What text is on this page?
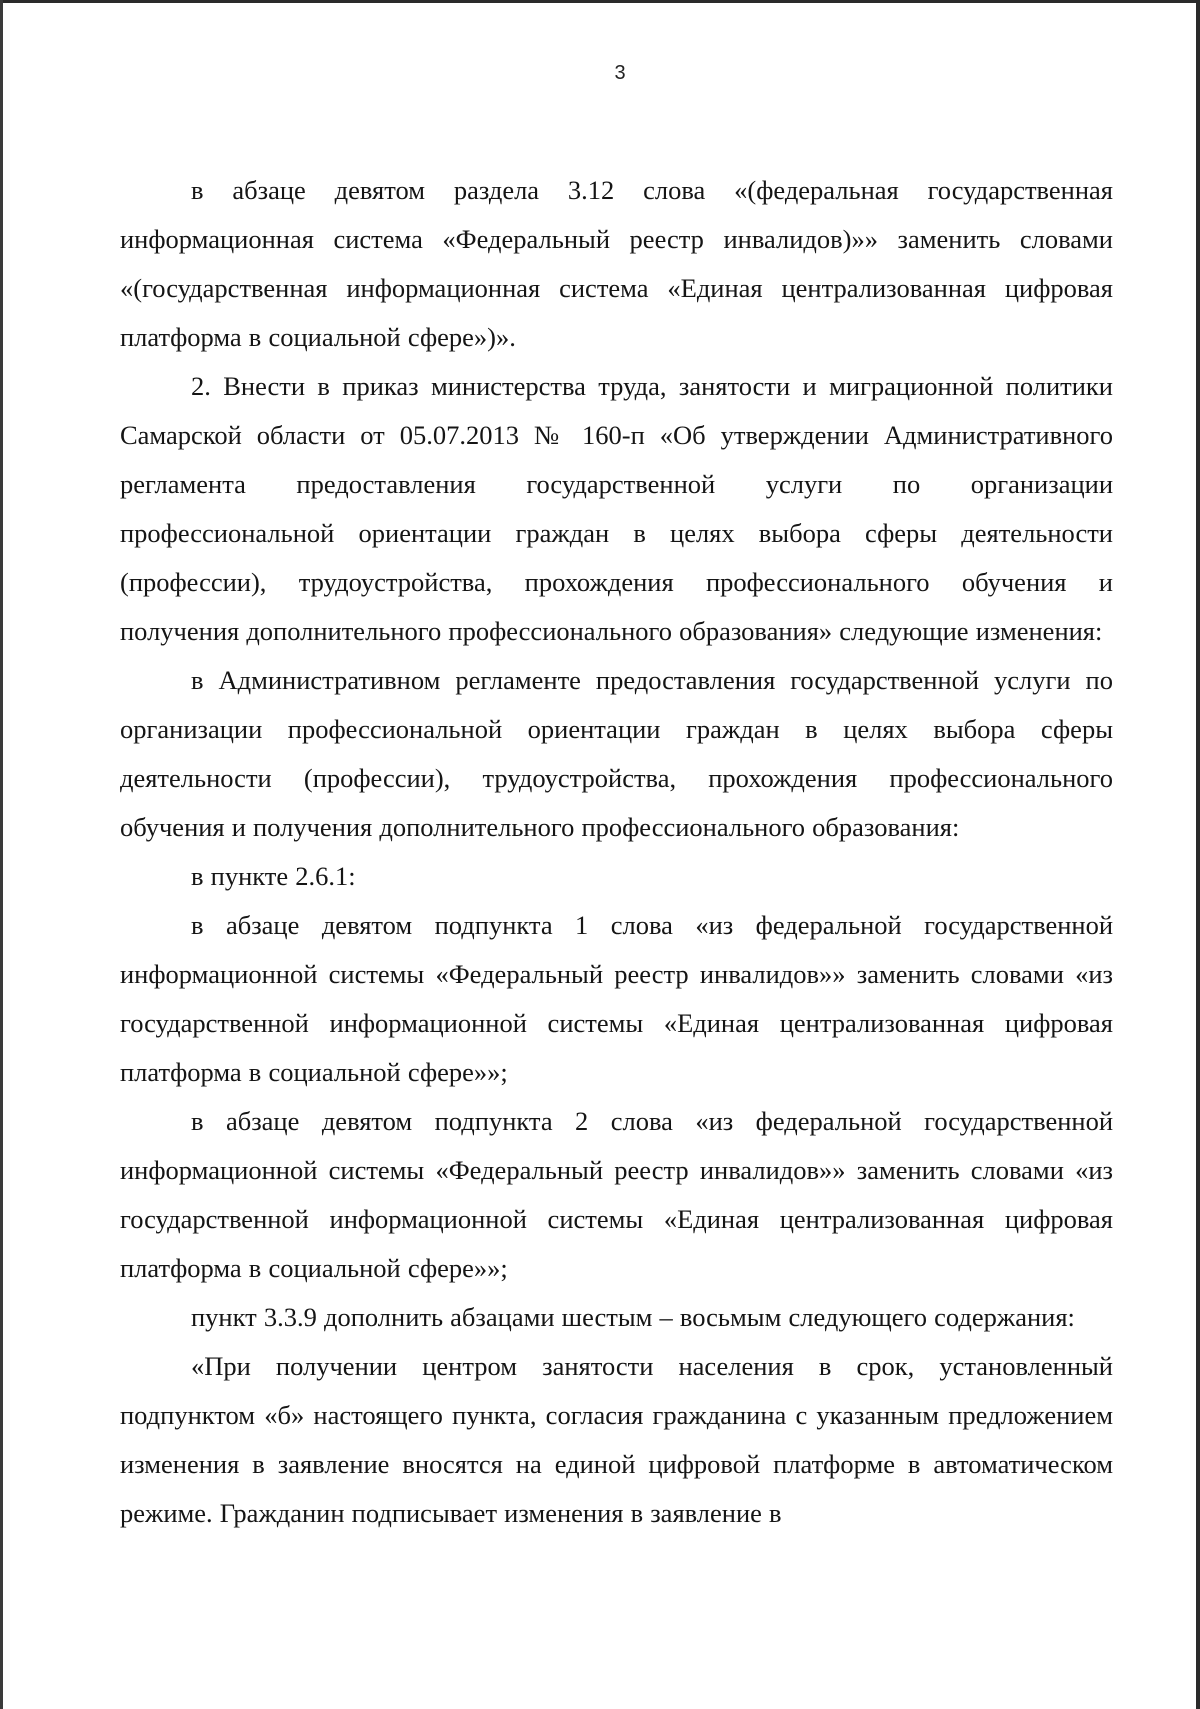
3

в абзаце девятом раздела 3.12 слова «(федеральная государственная информационная система «Федеральный реестр инвалидов)»» заменить словами «(государственная информационная система «Единая централизованная цифровая платформа в социальной сфере»)».

2. Внести в приказ министерства труда, занятости и миграционной политики Самарской области от 05.07.2013 № 160-п «Об утверждении Административного регламента предоставления государственной услуги по организации профессиональной ориентации граждан в целях выбора сферы деятельности (профессии), трудоустройства, прохождения профессионального обучения и получения дополнительного профессионального образования» следующие изменения:

в Административном регламенте предоставления государственной услуги по организации профессиональной ориентации граждан в целях выбора сферы деятельности (профессии), трудоустройства, прохождения профессионального обучения и получения дополнительного профессионального образования:

в пункте 2.6.1:

в абзаце девятом подпункта 1 слова «из федеральной государственной информационной системы «Федеральный реестр инвалидов»» заменить словами «из государственной информационной системы «Единая централизованная цифровая платформа в социальной сфере»»;

в абзаце девятом подпункта 2 слова «из федеральной государственной информационной системы «Федеральный реестр инвалидов»» заменить словами «из государственной информационной системы «Единая централизованная цифровая платформа в социальной сфере»»;

пункт 3.3.9 дополнить абзацами шестым – восьмым следующего содержания:

«При получении центром занятости населения в срок, установленный подпунктом «б» настоящего пункта, согласия гражданина с указанным предложением изменения в заявление вносятся на единой цифровой платформе в автоматическом режиме. Гражданин подписывает изменения в заявление в
